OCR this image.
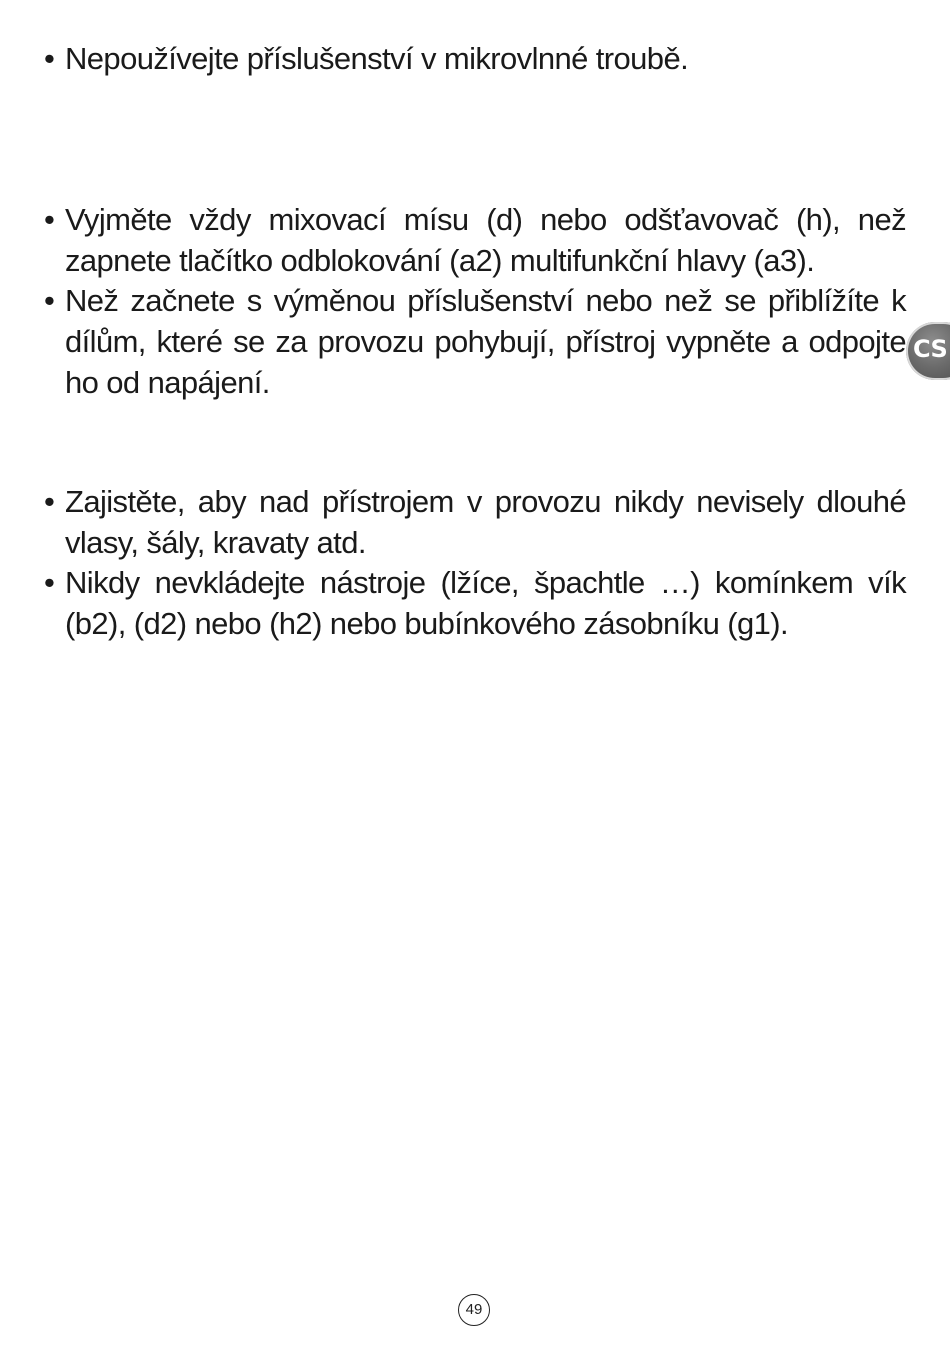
• Nepoužívejte příslušenství v mikrovlnné troubě.
• Vyjměte vždy mixovací mísu (d) nebo odšťavovač (h), než zapnete tlačítko odblokování (a2) multifunkční hlavy (a3).
• Než začnete s výměnou příslušenství nebo než se přiblížíte k dílům, které se za provozu pohybují, přístroj vypněte a odpojte ho od napájení.
• Zajistěte, aby nad přístrojem v provozu nikdy nevisely dlouhé vlasy, šály, kravaty atd.
• Nikdy nevkládejte nástroje (lžíce, špachtle …) komínkem vík (b2), (d2) nebo (h2) nebo bubínkového zásobníku (g1).
CS
49
